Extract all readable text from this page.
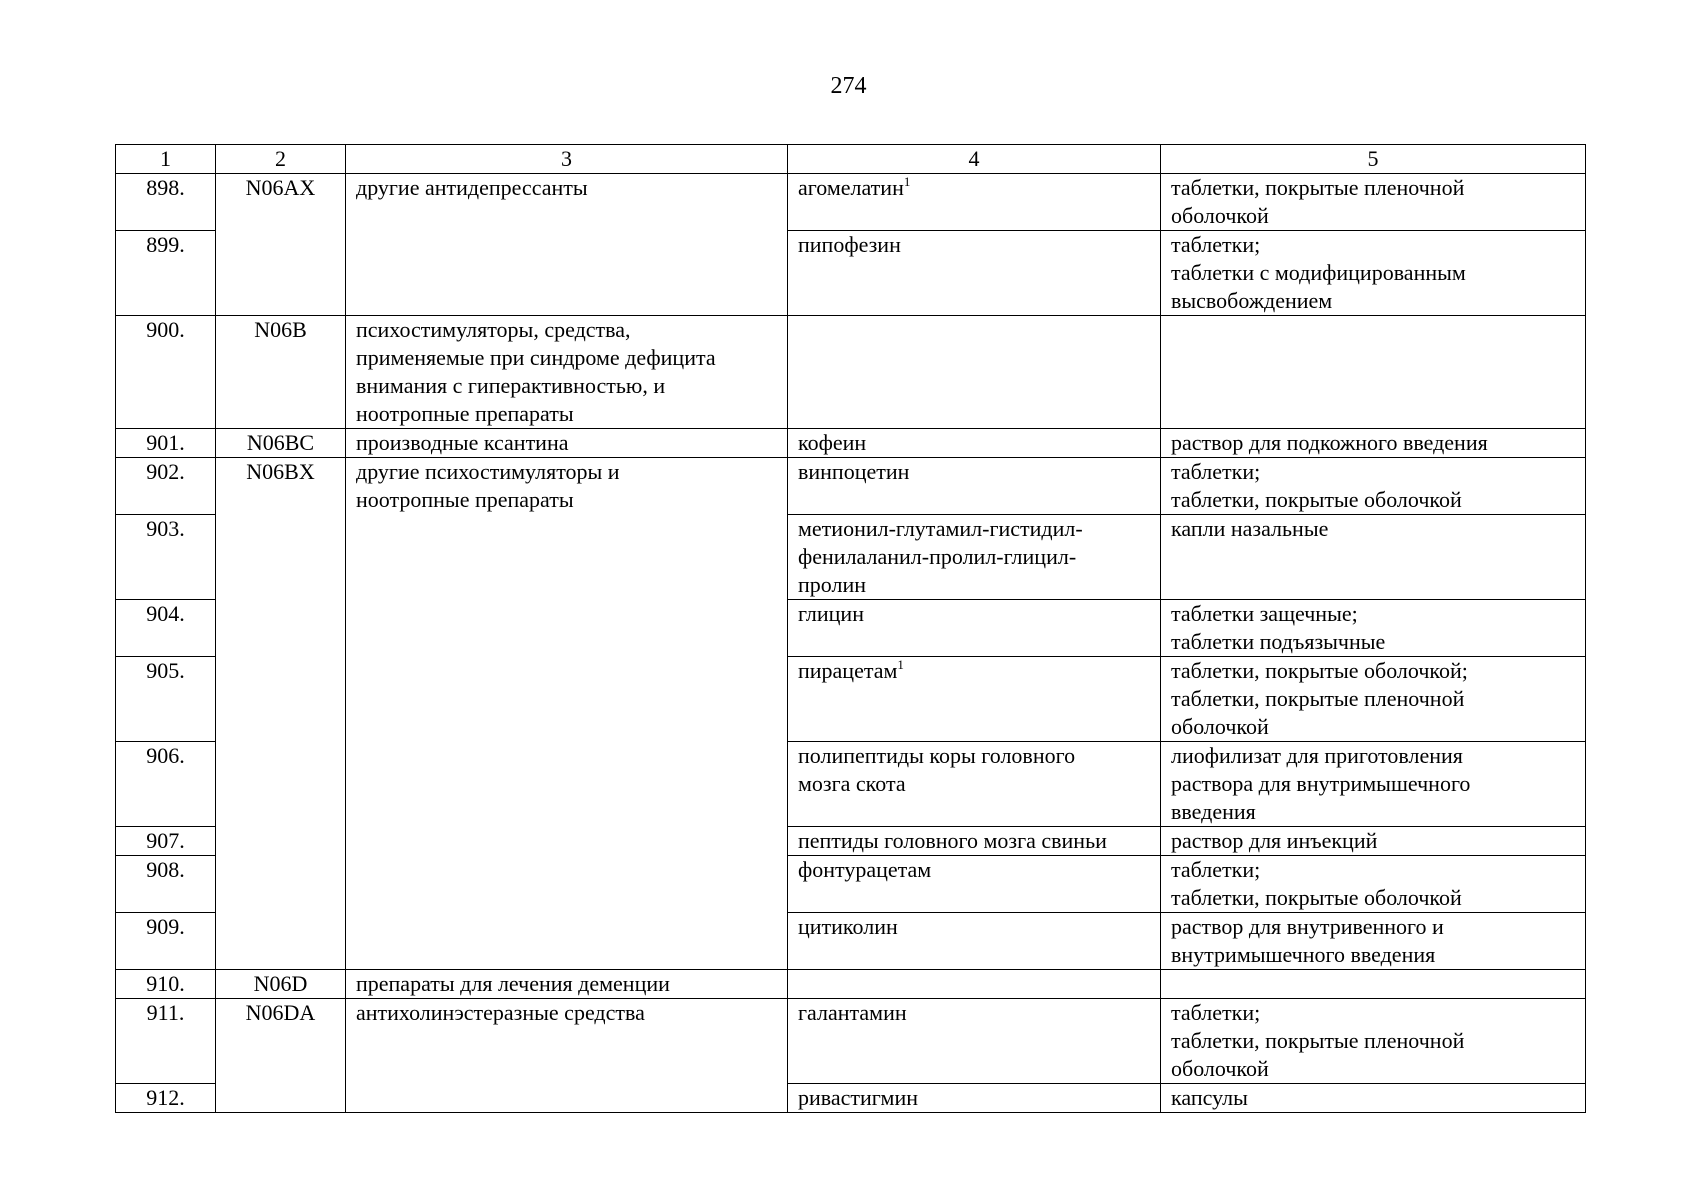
274
1	2	3	4	5
898.	N06AX	другие антидепрессанты	агомелатин$^1$	таблетки, покрытые пленочной
оболочкой

899.			пипофезин	таблетки;
таблетки с модифицированным
высвобождением

900.	N06B	психостимуляторы, средства,
применяемые при синдроме дефицита
внимания с гиперактивностью, и
ноотропные препараты		

901.	N06BC	производные ксантина	кофеин	раствор для подкожного введения
902.	N06BX	другие психостимуляторы и
ноотропные препараты	винпоцетин	таблетки;
таблетки, покрытые оболочкой

903.			метионил-глутамил-гистидил-
фенилаланил-пролил-глицил-
пролин	капли назальные
904.			глицин	таблетки защечные;
таблетки подъязычные

905.			пирацетам$^1$	таблетки, покрытые оболочкой;
таблетки, покрытые пленочной
оболочкой

906.			полипептиды коры головного
мозга скота	лиофилизат для приготовления
раствора для внутримышечного
введения

907.			пептиды головного мозга свиньи	раствор для инъекций
908.			фонтурацетам	таблетки;
таблетки, покрытые оболочкой

909.			цитиколин	раствор для внутривенного и
внутримышечного введения

910.	N06D	препараты для лечения деменции		
911.	N06DA	антихолинэстеразные средства	галантамин	таблетки;
таблетки, покрытые пленочной
оболочкой

912.			ривастигмин	капсулы
